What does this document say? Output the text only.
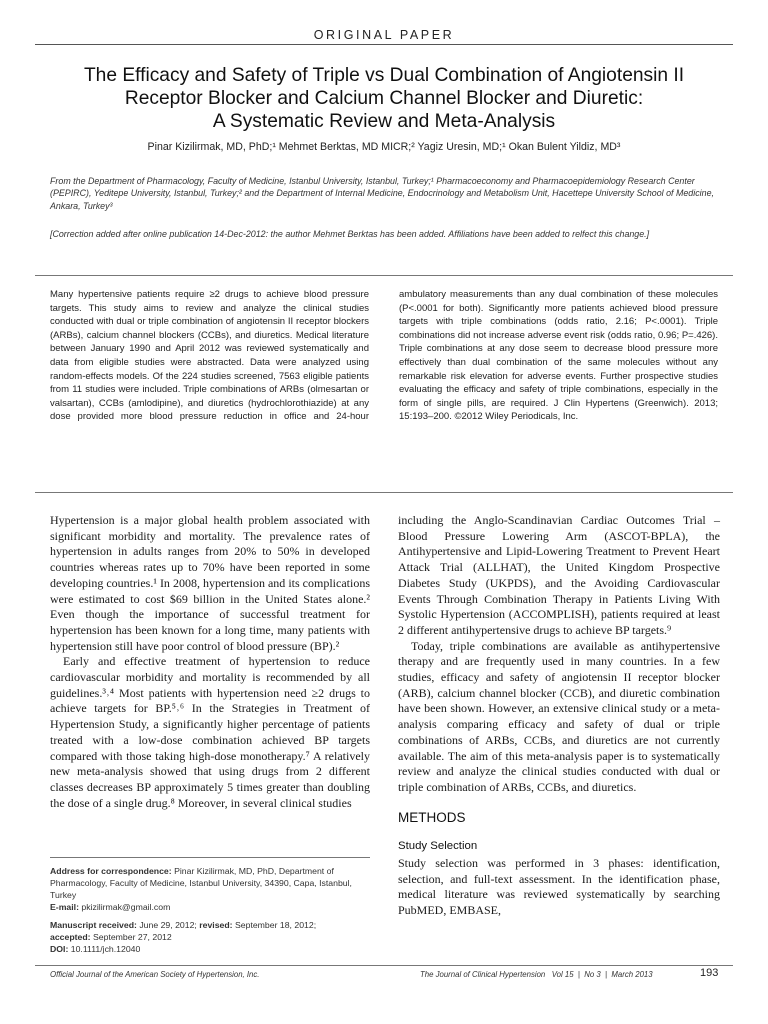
ORIGINAL PAPER
The Efficacy and Safety of Triple vs Dual Combination of Angiotensin II
Receptor Blocker and Calcium Channel Blocker and Diuretic:
A Systematic Review and Meta-Analysis
Pinar Kizilirmak, MD, PhD;¹ Mehmet Berktas, MD MICR;² Yagiz Uresin, MD;¹ Okan Bulent Yildiz, MD³
From the Department of Pharmacology, Faculty of Medicine, Istanbul University, Istanbul, Turkey;¹ Pharmacoeconomy and Pharmacoepidemiology Research Center (PEPIRC), Yeditepe University, Istanbul, Turkey;² and the Department of Internal Medicine, Endocrinology and Metabolism Unit, Hacettepe University School of Medicine, Ankara, Turkey³
[Correction added after online publication 14-Dec-2012: the author Mehmet Berktas has been added. Affiliations have been added to relfect this change.]
Many hypertensive patients require ≥2 drugs to achieve blood pressure targets. This study aims to review and analyze the clinical studies conducted with dual or triple combination of angiotensin II receptor blockers (ARBs), calcium channel blockers (CCBs), and diuretics. Medical literature between January 1990 and April 2012 was reviewed systematically and data from eligible studies were abstracted. Data were analyzed using random-effects models. Of the 224 studies screened, 7563 eligible patients from 11 studies were included. Triple combinations of ARBs (olmesartan or valsartan), CCBs (amlodipine), and diuretics (hydrochlorothiazide) at any dose provided more blood pressure reduction in office and 24-hour ambulatory measurements than any dual combination of these molecules (P<.0001 for both). Significantly more patients achieved blood pressure targets with triple combinations (odds ratio, 2.16; P<.0001). Triple combinations did not increase adverse event risk (odds ratio, 0.96; P=.426). Triple combinations at any dose seem to decrease blood pressure more effectively than dual combination of the same molecules without any remarkable risk elevation for adverse events. Further prospective studies evaluating the efficacy and safety of triple combinations, especially in the form of single pills, are required. J Clin Hypertens (Greenwich). 2013; 15:193–200. ©2012 Wiley Periodicals, Inc.

Hypertension is a major global health problem associated with significant morbidity and mortality. The prevalence rates of hypertension in adults ranges from 20% to 50% in developed countries whereas rates up to 70% have been reported in some developing countries.¹ In 2008, hypertension and its complications were estimated to cost $69 billion in the United States alone.² Even though the importance of successful treatment for hypertension has been known for a long time, many patients with hypertension still have poor control of blood pressure (BP).²

Early and effective treatment of hypertension to reduce cardiovascular morbidity and mortality is recommended by all guidelines.³˒⁴ Most patients with hypertension need ≥2 drugs to achieve targets for BP.⁵˒⁶ In the Strategies in Treatment of Hypertension Study, a significantly higher percentage of patients treated with a low-dose combination achieved BP targets compared with those taking high-dose monotherapy.⁷ A relatively new meta-analysis showed that using drugs from 2 different classes decreases BP approximately 5 times greater than doubling the dose of a single drug.⁸ Moreover, in several clinical studies

including the Anglo-Scandinavian Cardiac Outcomes Trial – Blood Pressure Lowering Arm (ASCOT-BPLA), the Antihypertensive and Lipid-Lowering Treatment to Prevent Heart Attack Trial (ALLHAT), the United Kingdom Prospective Diabetes Study (UKPDS), and the Avoiding Cardiovascular Events Through Combination Therapy in Patients Living With Systolic Hypertension (ACCOMPLISH), patients required at least 2 different antihypertensive drugs to achieve BP targets.⁹

Today, triple combinations are available as antihypertensive therapy and are frequently used in many countries. In a few studies, efficacy and safety of angiotensin II receptor blocker (ARB), calcium channel blocker (CCB), and diuretic combination have been shown. However, an extensive clinical study or a meta-analysis comparing efficacy and safety of dual or triple combinations of ARBs, CCBs, and diuretics are not currently available. The aim of this meta-analysis paper is to systematically review and analyze the clinical studies conducted with dual or triple combination of ARBs, CCBs, and diuretics.

METHODS
Study Selection

Study selection was performed in 3 phases: identification, selection, and full-text assessment. In the identification phase, medical literature was reviewed systematically by searching PubMED, EMBASE,

Address for correspondence: Pinar Kizilirmak, MD, PhD, Department of Pharmacology, Faculty of Medicine, Istanbul University, 34390, Capa, Istanbul, Turkey
E-mail: pkizilirmak@gmail.com
Manuscript received: June 29, 2012; revised: September 18, 2012;
accepted: September 27, 2012
DOI: 10.1111/jch.12040
Official Journal of the American Society of Hypertension, Inc.	The Journal of Clinical Hypertension   Vol 15  |  No 3  |  March 2013	193
